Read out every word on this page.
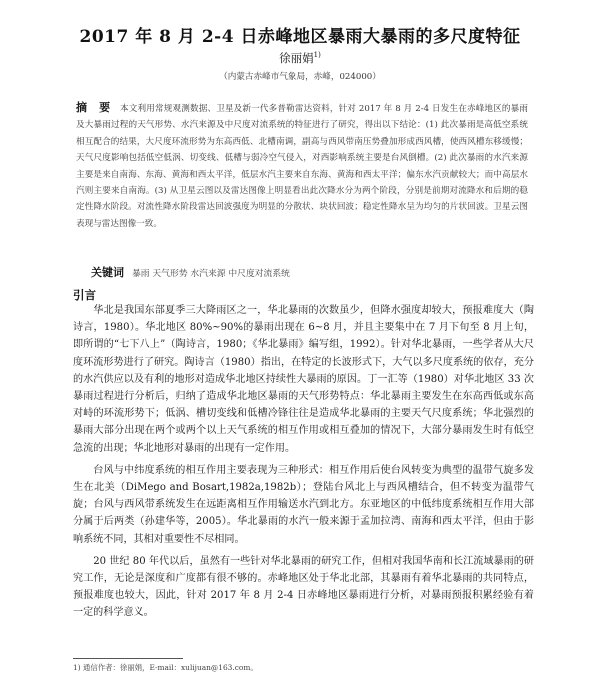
2017 年 8 月 2-4 日赤峰地区暴雨大暴雨的多尺度特征
徐丽娟$^{1)}$
（内蒙古赤峰市气象局，赤峰，024000）

摘 要 本文利用常规观测数据、卫星及新一代多普勒雷达资料，针对 2017 年 8 月 2-4 日发生在赤峰地区的暴雨及大暴雨过程的天气形势、水汽来源及中尺度对流系统的特征进行了研究，得出以下结论：(1) 此次暴雨是高低空系统相互配合的结果，大尺度环流形势为东高西低、北槽南调，副高与西风带南压势叠加形成西风槽，使西风槽东移缓慢；天气尺度影响包括低空低涡、切变线、低槽与弱冷空气侵入，对西影响系统主要是台风倒槽。(2) 此次暴雨的水汽来源主要是来自南海、东海、黄海和西太平洋，低层水汽主要来自东海、黄海和西太平洋；偏东水汽贡献较大；而中高层水汽则主要来自南海。(3) 从卫星云图以及雷达图像上明显看出此次降水分为两个阶段，分别是前期对流降水和后期的稳定性降水阶段。对流性降水阶段雷达回波强度为明显的分散状、块状回波；稳定性降水呈为均匀的片状回波。卫星云图表现与雷达图像一致。

关键词 暴雨 天气形势 水汽来源 中尺度对流系统
引言

华北是我国东部夏季三大降雨区之一，华北暴雨的次数虽少，但降水强度却较大，预报难度大（陶诗言，1980）。华北地区 80%~90%的暴雨出现在 6~8 月，并且主要集中在 7 月下旬至 8 月上旬，即所谓的“七下八上”（陶诗言，1980；《华北暴雨》编写组，1992）。针对华北暴雨，一些学者从大尺度环流形势进行了研究。陶诗言（1980）指出，在特定的长波形式下，大气以多尺度系统的依存，充分的水汽供应以及有利的地形对造成华北地区持续性大暴雨的原因。丁一汇等（1980）对华北地区 33 次暴雨过程进行分析后，归纳了造成华北地区暴雨的天气形势特点：华北暴雨主要发生在东高西低或东高对峙的环流形势下；低涡、槽切变线和低槽冷锋往往是造成华北暴雨的主要天气尺度系统；华北强烈的暴雨大部分出现在两个或两个以上天气系统的相互作用或相互叠加的情况下，大部分暴雨发生时有低空急流的出现；华北地形对暴雨的出现有一定作用。

台风与中纬度系统的相互作用主要表现为三种形式：相互作用后使台风转变为典型的温带气旋多发生在北美（DiMego and Bosart,1982a,1982b）；登陆台风北上与西风槽结合，但不转变为温带气旋；台风与西风带系统发生在远距离相互作用输送水汽到北方。东亚地区的中低纬度系统相互作用大部分属于后两类（孙建华等，2005）。华北暴雨的水汽一般来源于孟加拉湾、南海和西太平洋，但由于影响系统不同，其相对重要性不尽相同。

20 世纪 80 年代以后，虽然有一些针对华北暴雨的研究工作，但相对我国华南和长江流域暴雨的研究工作，无论是深度和广度都有很不够的。赤峰地区处于华北北部，其暴雨有着华北暴雨的共同特点，预报难度也较大，因此，针对 2017 年 8 月 2-4 日赤峰地区暴雨进行分析，对暴雨预报积累经验有着一定的科学意义。

1) 通信作者：徐丽娟，E-mail：xulijuan@163.com。
